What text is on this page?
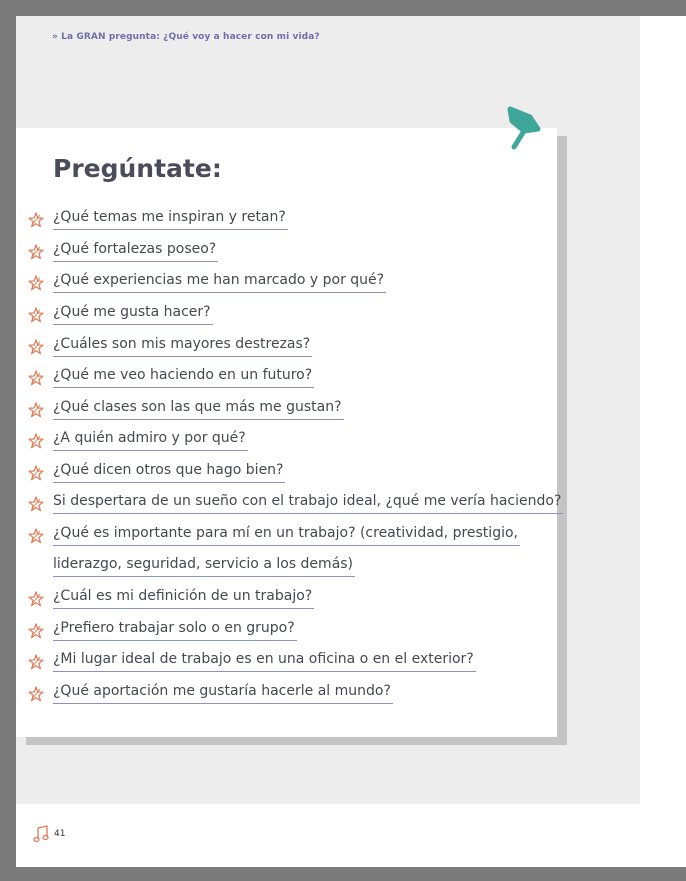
» La GRAN pregunta: ¿Qué voy a hacer con mi vida?
Pregúntate:
¿Qué temas me inspiran y retan?
¿Qué fortalezas poseo?
¿Qué experiencias me han marcado y por qué?
¿Qué me gusta hacer?
¿Cuáles son mis mayores destrezas?
¿Qué me veo haciendo en un futuro?
¿Qué clases son las que más me gustan?
¿A quién admiro y por qué?
¿Qué dicen otros que hago bien?
Si despertara de un sueño con el trabajo ideal, ¿qué me vería haciendo?
¿Qué es importante para mí en un trabajo? (creatividad, prestigio,
liderazgo, seguridad, servicio a los demás)
¿Cuál es mi definición de un trabajo?
¿Prefiero trabajar solo o en grupo?
¿Mi lugar ideal de trabajo es en una oficina o en el exterior?
¿Qué aportación me gustaría hacerle al mundo?
41
